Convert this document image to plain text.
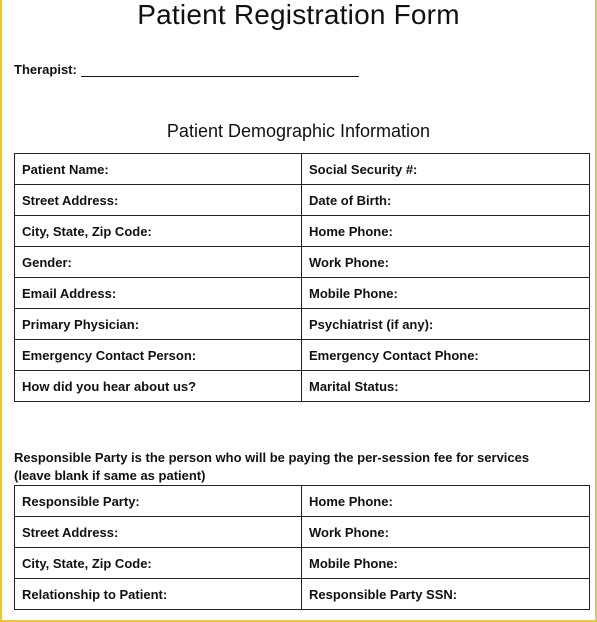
Patient Registration Form
Therapist:
Patient Demographic Information
Patient Name:	Social Security #:
Street Address:	Date of Birth:
City, State, Zip Code:	Home Phone:
Gender:	Work Phone:
Email Address:	Mobile Phone:
Primary Physician:	Psychiatrist (if any):
Emergency Contact Person:	Emergency Contact Phone:
How did you hear about us?	Marital Status:
Responsible Party is the person who will be paying the per-session fee for services
(leave blank if same as patient)
Responsible Party:	Home Phone:
Street Address:	Work Phone:
City, State, Zip Code:	Mobile Phone:
Relationship to Patient:	Responsible Party SSN:
